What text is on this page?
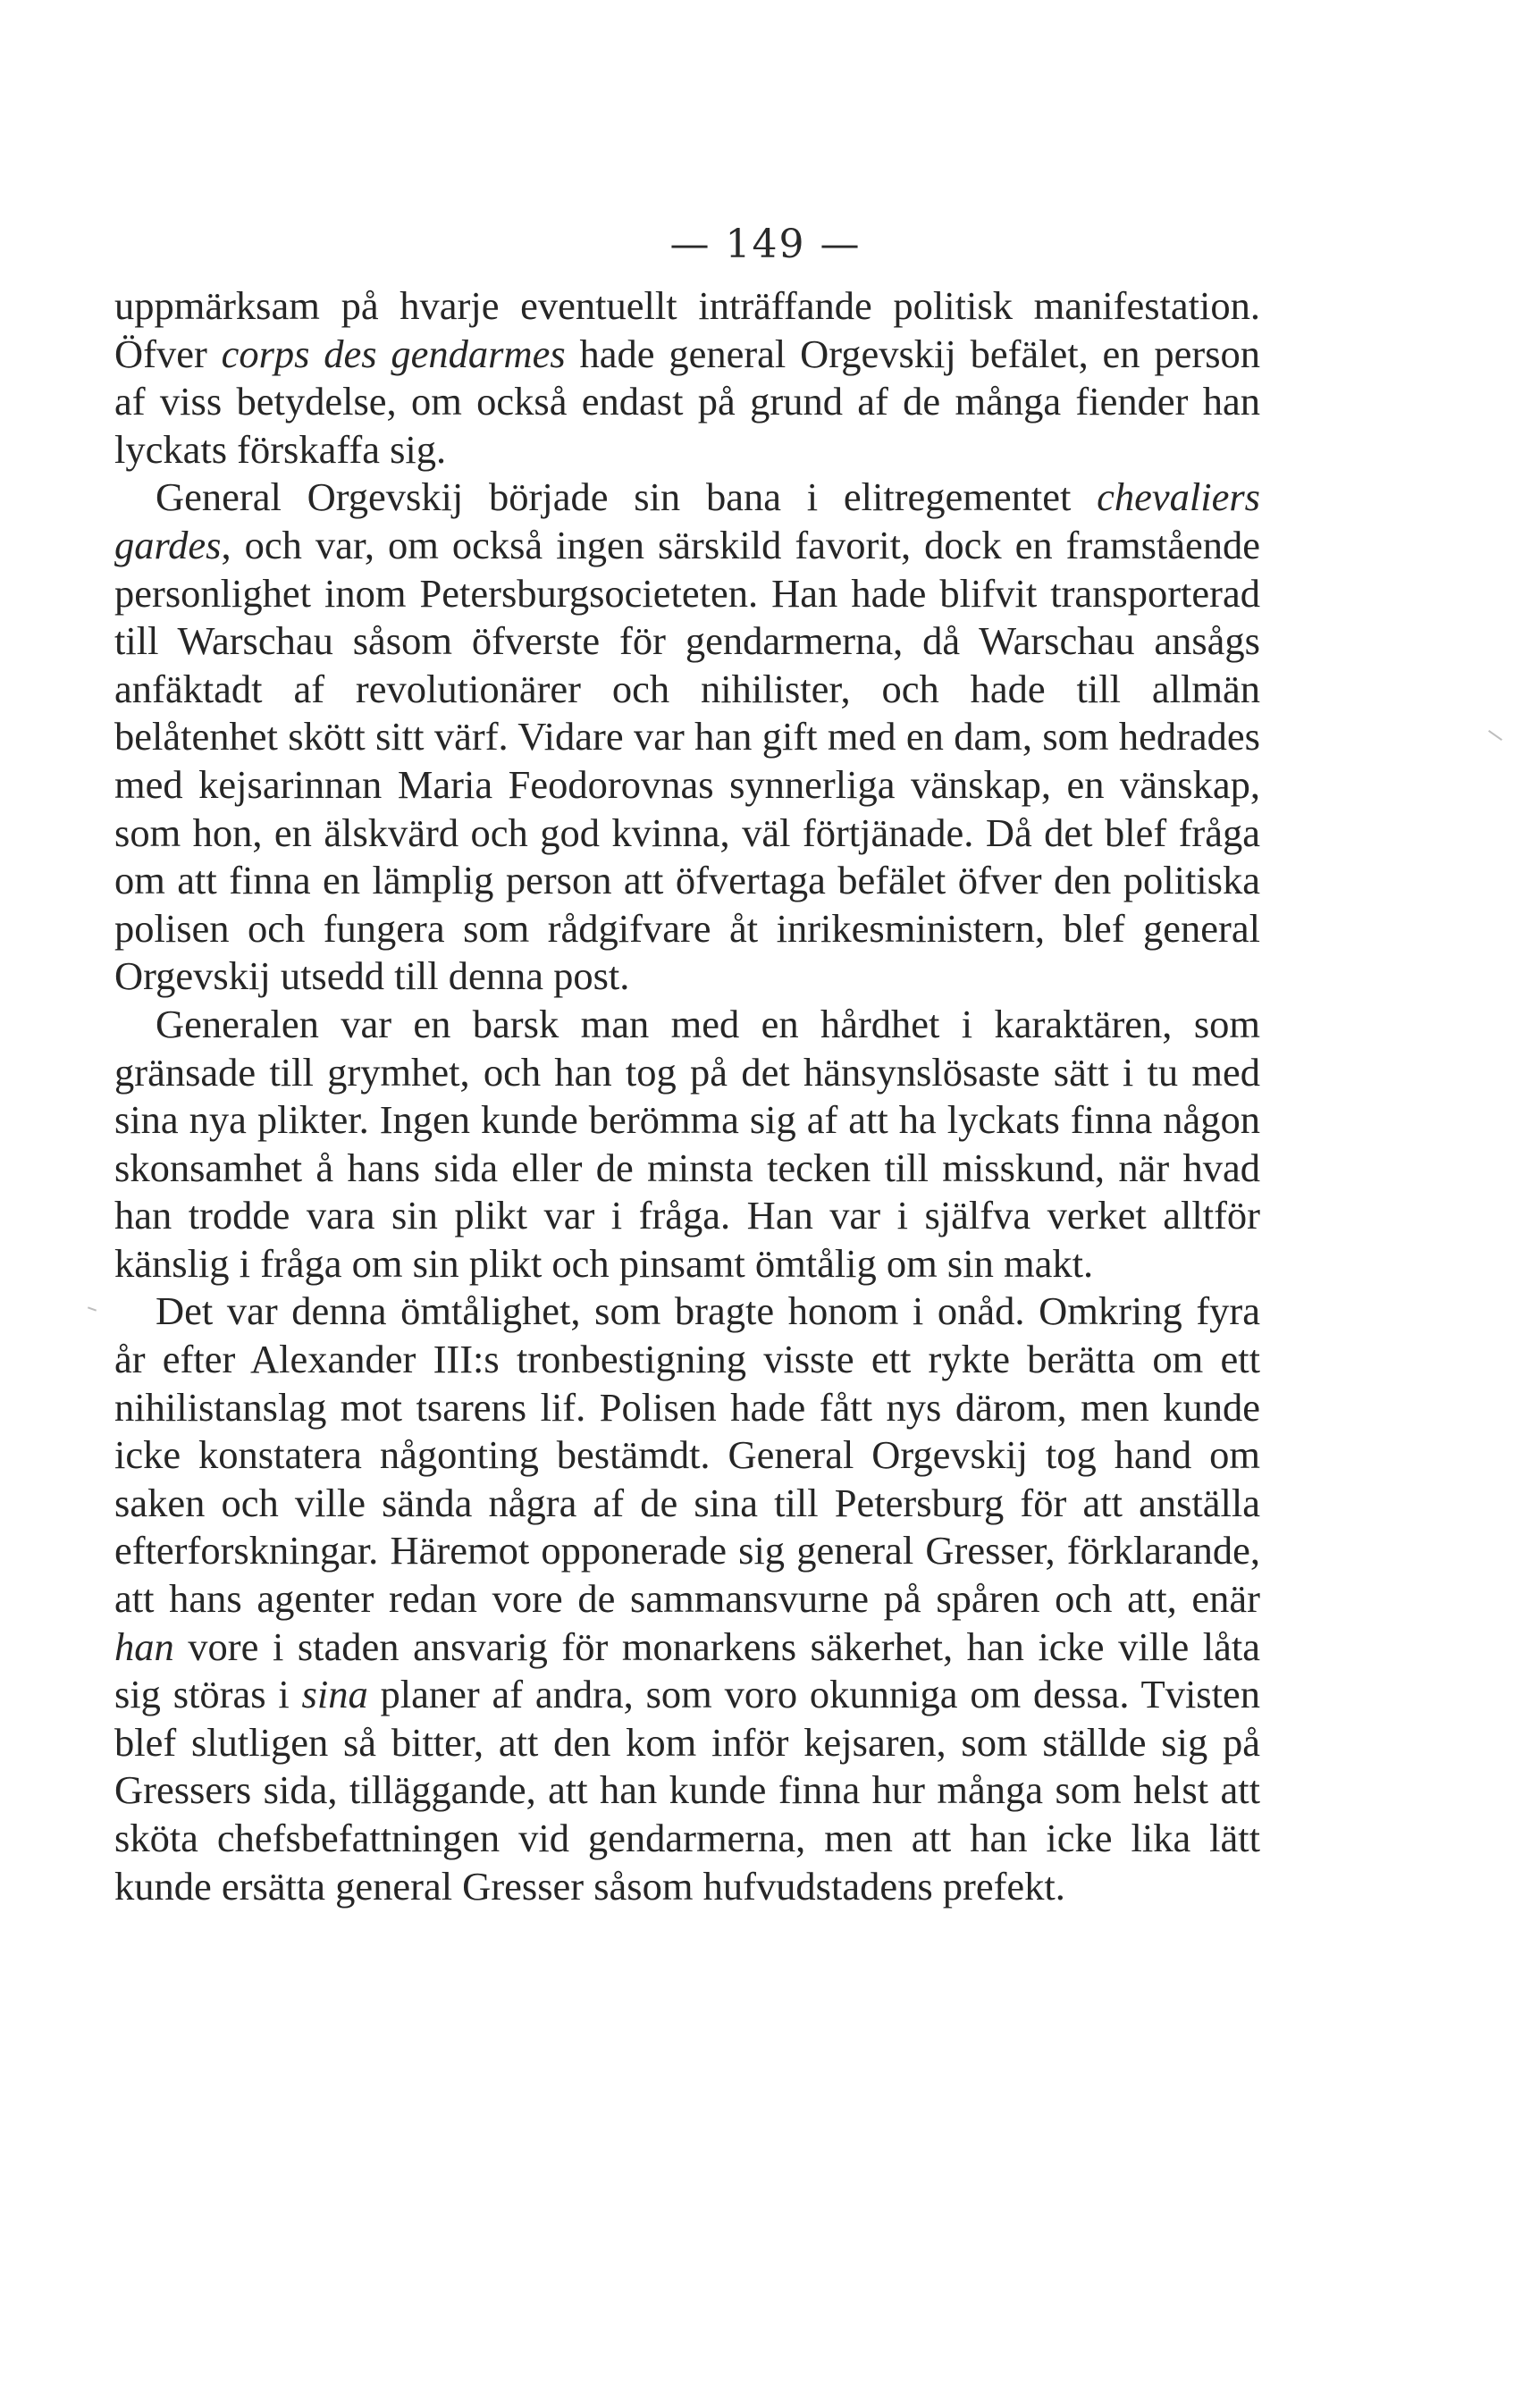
— 149 —

uppmärksam på hvarje eventuellt inträffande politisk manifestation. Öfver corps des gendarmes hade general Orgevskij befälet, en person af viss betydelse, om också endast på grund af de många fiender han lyckats förskaffa sig.

General Orgevskij började sin bana i elitregementet chevaliers gardes, och var, om också ingen särskild favorit, dock en framstående personlighet inom Petersburgsocieteten. Han hade blifvit transporterad till Warschau såsom öfverste för gendarmerna, då Warschau ansågs anfäktadt af revolutionärer och nihilister, och hade till allmän belåtenhet skött sitt värf. Vidare var han gift med en dam, som hedrades med kejsarinnan Maria Feodorovnas synnerliga vänskap, en vänskap, som hon, en älskvärd och god kvinna, väl förtjänade. Då det blef fråga om att finna en lämplig person att öfvertaga befälet öfver den politiska polisen och fungera som rådgifvare åt inrikesministern, blef general Orgevskij utsedd till denna post.

Generalen var en barsk man med en hårdhet i karaktären, som gränsade till grymhet, och han tog på det hänsynslösaste sätt i tu med sina nya plikter. Ingen kunde berömma sig af att ha lyckats finna någon skonsamhet å hans sida eller de minsta tecken till misskund, när hvad han trodde vara sin plikt var i fråga. Han var i själfva verket alltför känslig i fråga om sin plikt och pinsamt ömtålig om sin makt.

Det var denna ömtålighet, som bragte honom i onåd. Omkring fyra år efter Alexander III:s tronbestigning visste ett rykte berätta om ett nihilistanslag mot tsarens lif. Polisen hade fått nys därom, men kunde icke konstatera någonting bestämdt. General Orgevskij tog hand om saken och ville sända några af de sina till Petersburg för att anställa efterforskningar. Häremot opponerade sig general Gresser, förklarande, att hans agenter redan vore de sammansvurne på spåren och att, enär han vore i staden ansvarig för monarkens säkerhet, han icke ville låta sig störas i sina planer af andra, som voro okunniga om dessa. Tvisten blef slutligen så bitter, att den kom inför kejsaren, som ställde sig på Gressers sida, tilläggande, att han kunde finna hur många som helst att sköta chefsbefattningen vid gendarmerna, men att han icke lika lätt kunde ersätta general Gresser såsom hufvudstadens prefekt.
